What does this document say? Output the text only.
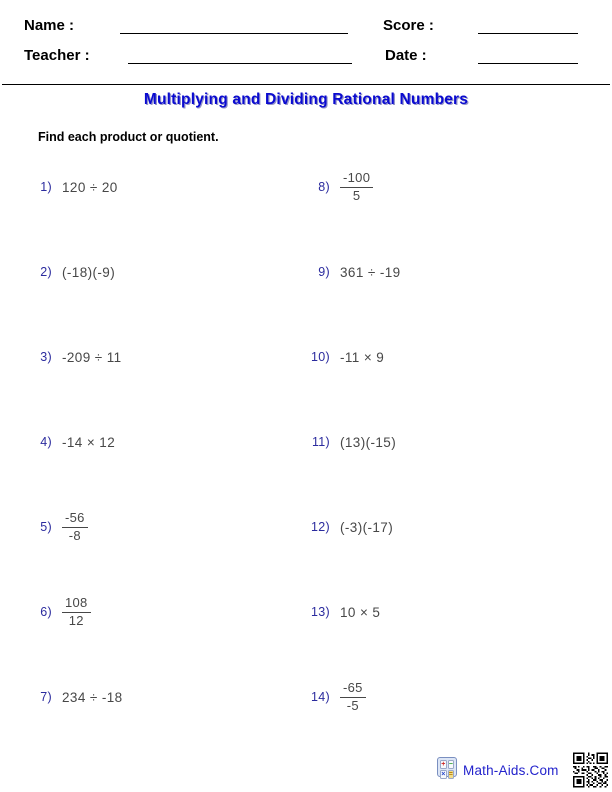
Name :	Score :
Teacher :	Date :
Multiplying and Dividing Rational Numbers
Find each product or quotient.
1) 120 ÷ 20
2) (-18)(-9)
3) -209 ÷ 11
4) -14 × 12
$5) \frac{-56}{-8}$
$6) \frac{108}{12}$
7) 234 ÷ -18
$8) \frac{-100}{5}$
9) 361 ÷ -19
10) -11 × 9
11) (13)(-15)
12) (-3)(-17)
13) 10 × 5
$14) \frac{-65}{-5}$
+ −
× = Math-Aids.Com
